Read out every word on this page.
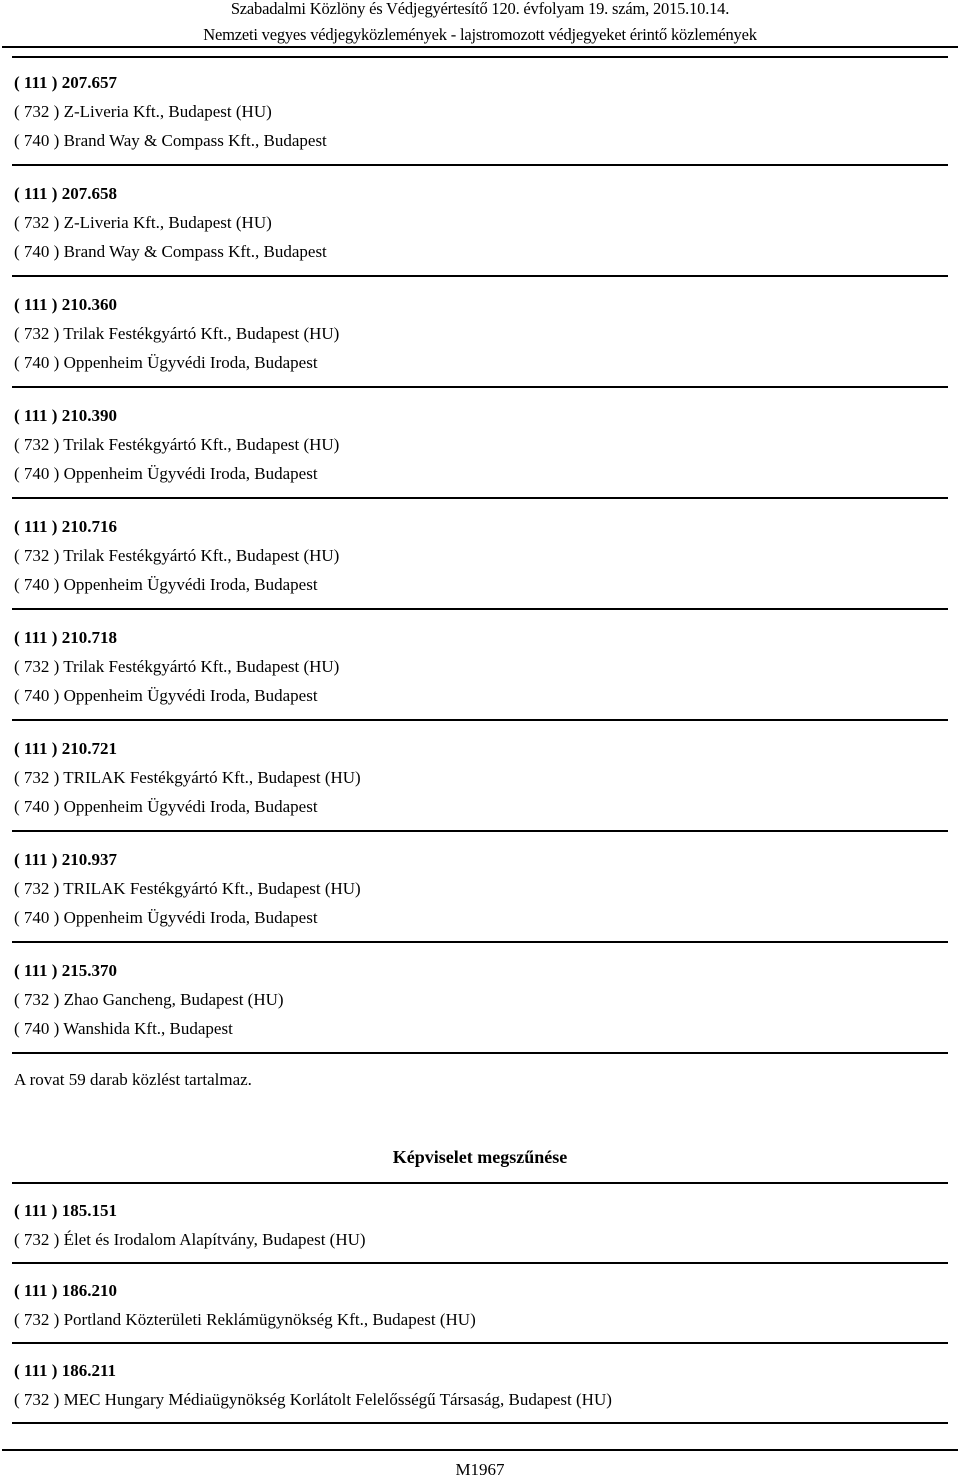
Szabadalmi Közlöny és Védjegyértesítő 120. évfolyam 19. szám, 2015.10.14.
Nemzeti vegyes védjegyközlemények - lajstromozott védjegyeket érintő közlemények
( 111 ) 207.657
( 732 ) Z-Liveria Kft., Budapest (HU)
( 740 ) Brand Way & Compass Kft., Budapest
( 111 ) 207.658
( 732 ) Z-Liveria Kft., Budapest (HU)
( 740 ) Brand Way & Compass Kft., Budapest
( 111 ) 210.360
( 732 ) Trilak Festékgyártó Kft., Budapest (HU)
( 740 ) Oppenheim Ügyvédi Iroda, Budapest
( 111 ) 210.390
( 732 ) Trilak Festékgyártó Kft., Budapest (HU)
( 740 ) Oppenheim Ügyvédi Iroda, Budapest
( 111 ) 210.716
( 732 ) Trilak Festékgyártó Kft., Budapest (HU)
( 740 ) Oppenheim Ügyvédi Iroda, Budapest
( 111 ) 210.718
( 732 ) Trilak Festékgyártó Kft., Budapest (HU)
( 740 ) Oppenheim Ügyvédi Iroda, Budapest
( 111 ) 210.721
( 732 ) TRILAK Festékgyártó Kft., Budapest (HU)
( 740 ) Oppenheim Ügyvédi Iroda, Budapest
( 111 ) 210.937
( 732 ) TRILAK Festékgyártó Kft., Budapest (HU)
( 740 ) Oppenheim Ügyvédi Iroda, Budapest
( 111 ) 215.370
( 732 ) Zhao Gancheng, Budapest (HU)
( 740 ) Wanshida Kft., Budapest
A rovat 59 darab közlést tartalmaz.
Képviselet megszűnése
( 111 ) 185.151
( 732 ) Élet és Irodalom Alapítvány, Budapest (HU)
( 111 ) 186.210
( 732 ) Portland Közterületi Reklámügynökség Kft., Budapest (HU)
( 111 ) 186.211
( 732 ) MEC Hungary Médiaügynökség Korlátolt Felelősségű Társaság, Budapest (HU)
M1967
